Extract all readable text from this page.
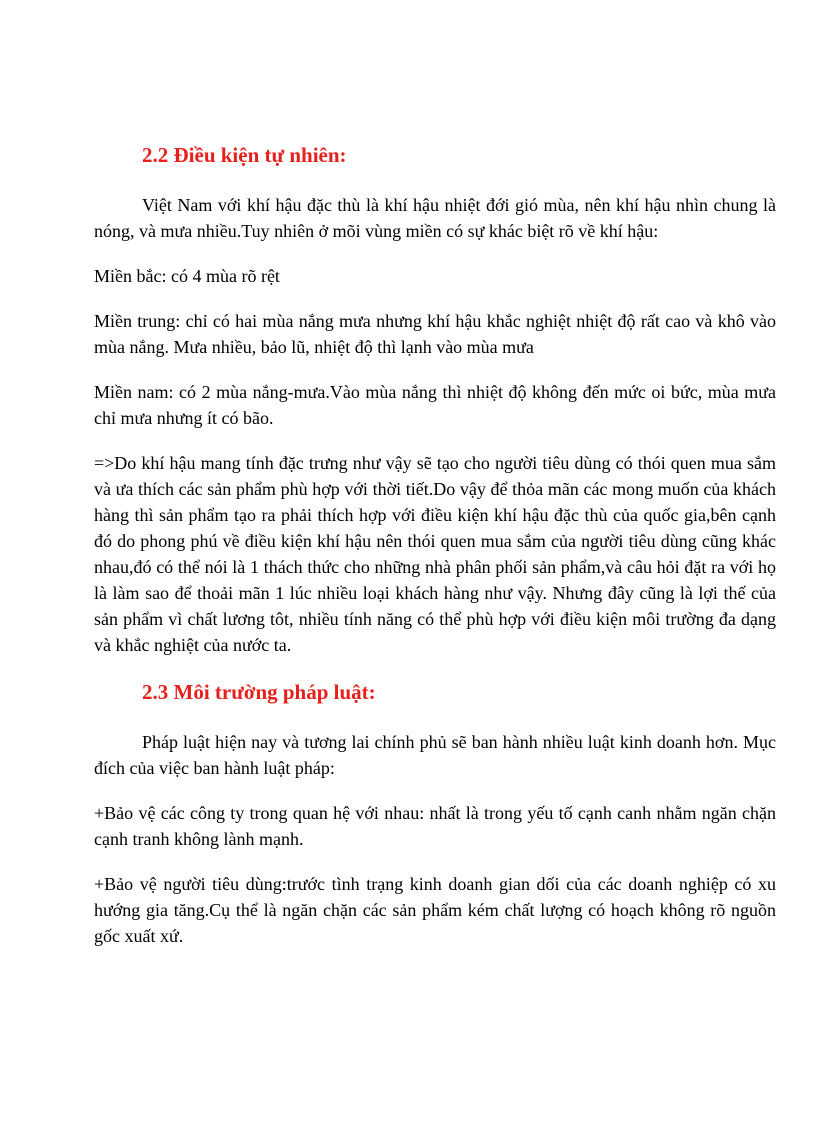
2.2 Điều kiện tự nhiên:

Việt Nam với khí hậu đặc thù là khí hậu nhiệt đới gió mùa, nên khí hậu nhìn chung là nóng, và mưa nhiều.Tuy nhiên ở mõi vùng miền có sự khác biệt rõ về khí hậu:

Miền bắc: có 4 mùa rõ rệt

Miền trung: chỉ có hai mùa nắng mưa nhưng khí hậu khắc nghiệt nhiệt độ rất cao và khô vào mùa nắng. Mưa nhiều, bảo lũ, nhiệt độ thì lạnh vào mùa mưa

Miền nam: có 2 mùa nắng-mưa.Vào mùa nắng thì nhiệt độ không đến mức oi bức, mùa mưa chỉ mưa nhưng ít có bão.

=>Do khí hậu mang tính đặc trưng như vậy sẽ tạo cho người tiêu dùng có thói quen mua sắm và ưa thích các sản phẩm phù hợp với thời tiết.Do vậy để thỏa mãn các mong muốn của khách hàng thì sản phẩm tạo ra phải thích hợp với điều kiện khí hậu đặc thù của quốc gia,bên cạnh đó do phong phú về điều kiện khí hậu nên thói quen mua sắm của người tiêu dùng cũng khác nhau,đó có thể nói là 1 thách thức cho những nhà phân phối sản phẩm,và câu hỏi đặt ra với họ là làm sao để thoải mãn 1 lúc nhiều loại khách hàng như vậy. Nhưng đây cũng là lợi thế của sản phẩm vì chất lương tôt, nhiều tính năng có thể phù hợp với điều kiện môi trường đa dạng và khắc nghiệt của nước ta.

2.3 Môi trường pháp luật:

Pháp luật hiện nay và tương lai chính phủ sẽ ban hành nhiều luật kinh doanh hơn. Mục đích của việc ban hành luật pháp:

+Bảo vệ các công ty trong quan hệ với nhau: nhất là trong yếu tố cạnh canh nhằm ngăn chặn cạnh tranh không lành mạnh.

+Bảo vệ người tiêu dùng:trước tình trạng kinh doanh gian dối của các doanh nghiệp có xu hướng gia tăng.Cụ thể là ngăn chặn các sản phẩm kém chất lượng có hoạch không rõ nguồn gốc xuất xứ.
